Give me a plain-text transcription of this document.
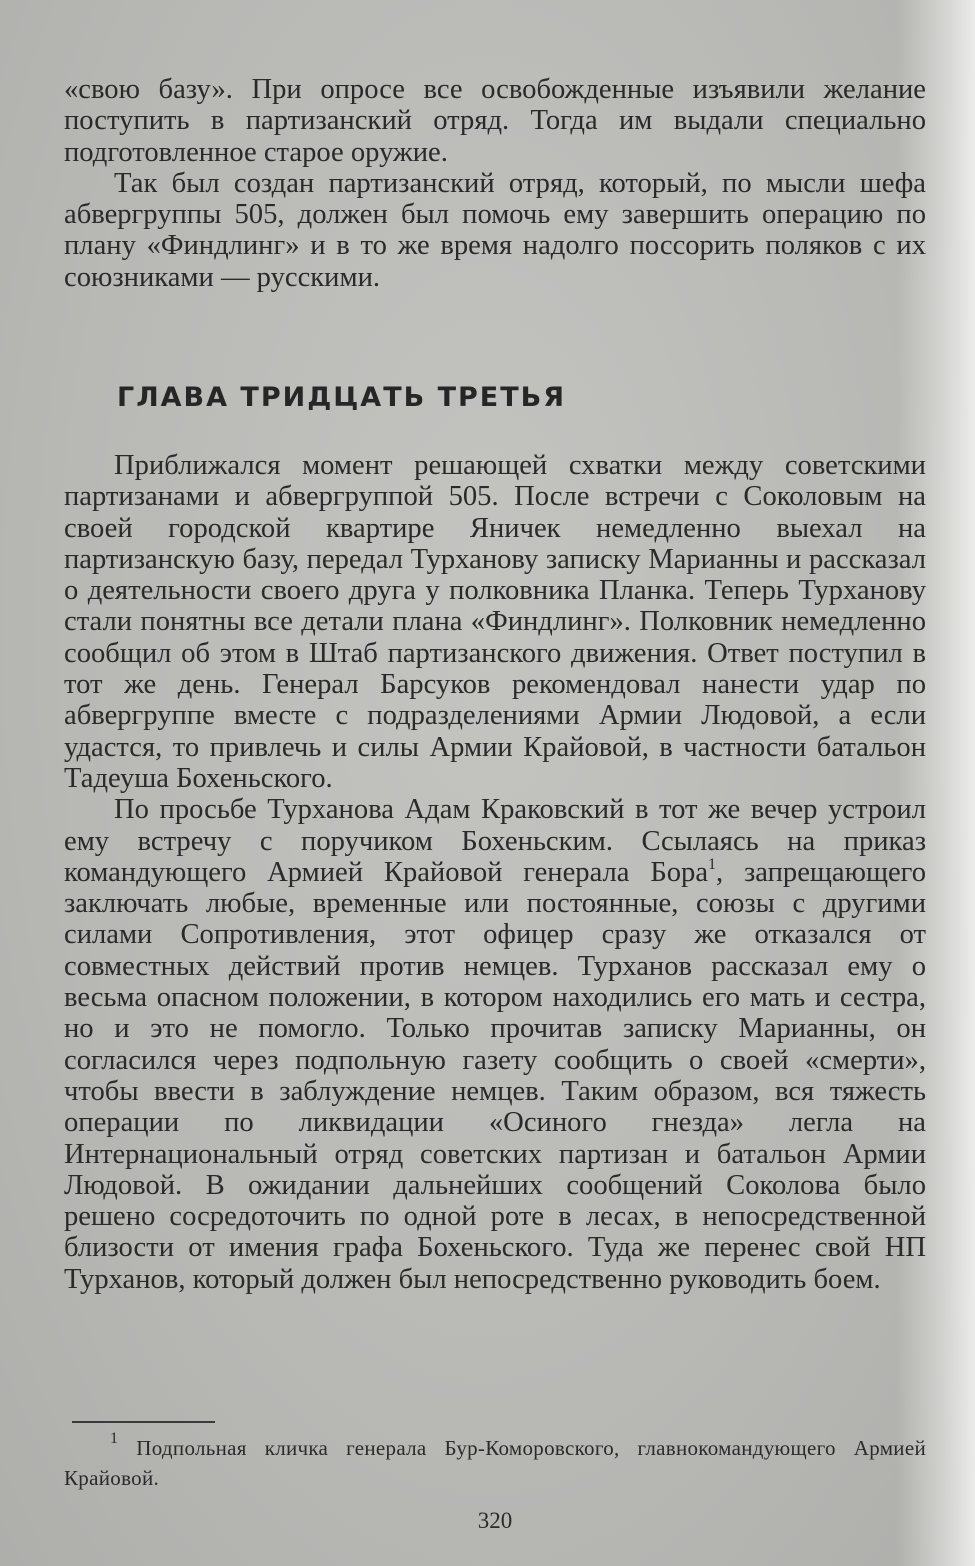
«свою базу». При опросе все освобожденные изъявили желание поступить в партизанский отряд. Тогда им выдали специально подготовленное старое оружие.

Так был создан партизанский отряд, который, по мысли шефа абвергруппы 505, должен был помочь ему завершить операцию по плану «Финдлинг» и в то же время надолго поссорить поляков с их союзниками — русскими.

ГЛАВА ТРИДЦАТЬ ТРЕТЬЯ

Приближался момент решающей схватки между советскими партизанами и абвергруппой 505. После встречи с Соколовым на своей городской квартире Яничек немедленно выехал на партизанскую базу, передал Турханову записку Марианны и рассказал о деятельности своего друга у полковника Планка. Теперь Турханову стали понятны все детали плана «Финдлинг». Полковник немедленно сообщил об этом в Штаб партизанского движения. Ответ поступил в тот же день. Генерал Барсуков рекомендовал нанести удар по абвергруппе вместе с подразделениями Армии Людовой, а если удастся, то привлечь и силы Армии Крайовой, в частности батальон Тадеуша Бохеньского.

По просьбе Турханова Адам Краковский в тот же вечер устроил ему встречу с поручиком Бохеньским. Ссылаясь на приказ командующего Армией Крайовой генерала Бора$^1$, запрещающего заключать любые, временные или постоянные, союзы с другими силами Сопротивления, этот офицер сразу же отказался от совместных действий против немцев. Турханов рассказал ему о весьма опасном положении, в котором находились его мать и сестра, но и это не помогло. Только прочитав записку Марианны, он согласился через подпольную газету сообщить о своей «смерти», чтобы ввести в заблуждение немцев. Таким образом, вся тяжесть операции по ликвидации «Осиного гнезда» легла на Интернациональный отряд советских партизан и батальон Армии Людовой. В ожидании дальнейших сообщений Соколова было решено сосредоточить по одной роте в лесах, в непосредственной близости от имения графа Бохеньского. Туда же перенес свой НП Турханов, который должен был непосредственно руководить боем.

$^1$ Подпольная кличка генерала Бур-Коморовского, главнокомандующего Армией Крайовой.

320
